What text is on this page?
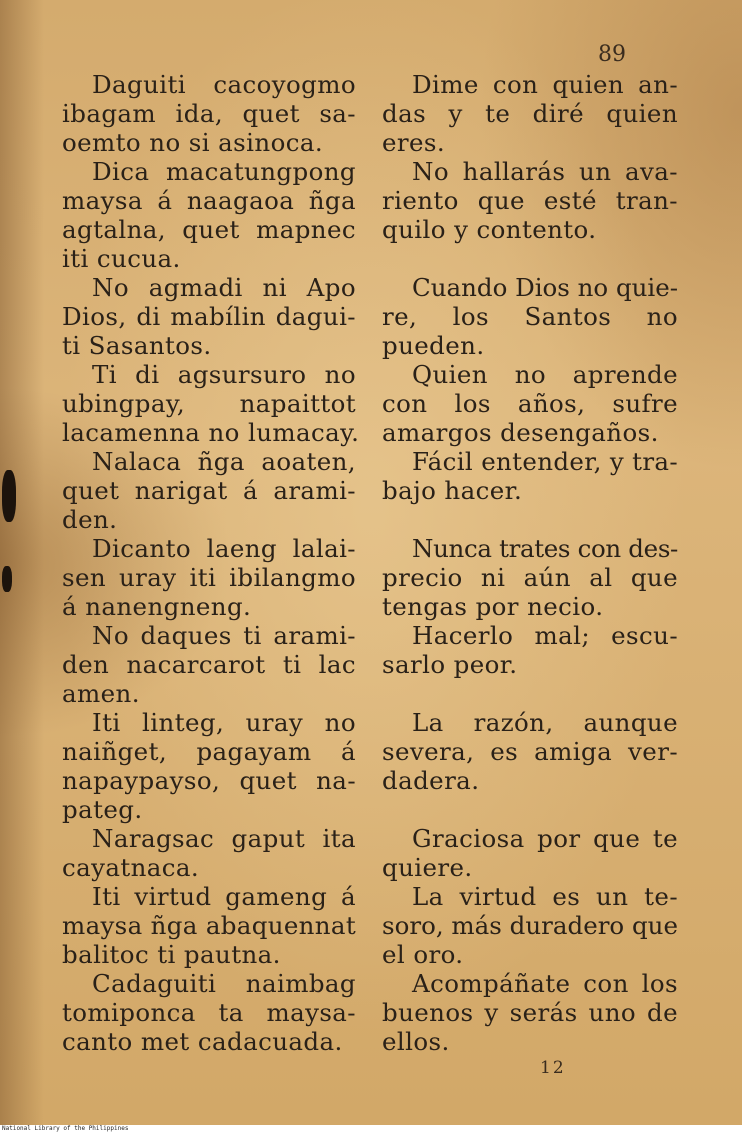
89
Daguiti cacoyogmo
ibagam ida, quet sa-
oemto no si asinoca.
Dica macatungpong
maysa á naagaoa ñga
agtalna, quet mapnec
iti cucua.
No agmadi ni Apo
Dios, di mabílin dagui-
ti Sasantos.
Ti di agsursuro no
ubingpay, napaittot
lacamenna no lumacay.
Nalaca ñga aoaten,
quet narigat á arami-
den.
Dicanto laeng lalai-
sen uray iti ibilangmo
á nanengneng.
No daques ti arami-
den nacarcarot ti lac
amen.
Iti linteg, uray no
naiñget, pagayam á
napaypayso, quet na-
pateg.
Naragsac gaput ita
cayatnaca.
Iti virtud gameng á
maysa ñga abaquennat
balitoc ti pautna.
Cadaguiti naimbag
tomiponca ta maysa-
canto met cadacuada.
Dime con quien an-
das y te diré quien
eres.
No hallarás un ava-
riento que esté tran-
quilo y contento.
Cuando Dios no quie-
re, los Santos no
pueden.
Quien no aprende
con los años, sufre
amargos desengaños.
Fácil entender, y tra-
bajo hacer.
Nunca trates con des-
precio ni aún al que
tengas por necio.
Hacerlo mal; escu-
sarlo peor.
La razón, aunque
severa, es amiga ver-
dadera.
Graciosa por que te
quiere.
La virtud es un te-
soro, más duradero que
el oro.
Acompáñate con los
buenos y serás uno de
ellos.
12
National Library of the Philippines
